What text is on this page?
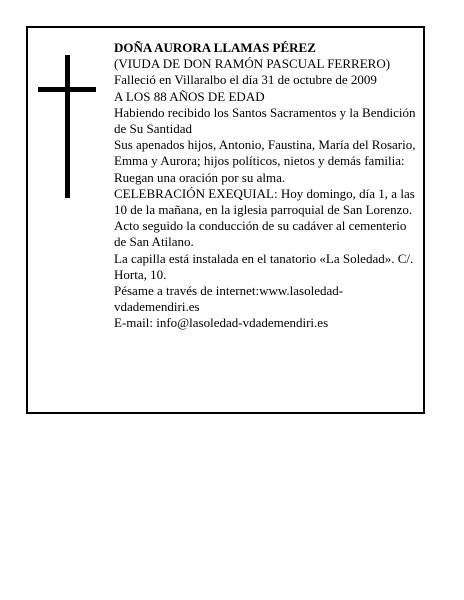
DOÑA AURORA LLAMAS PÉREZ

(VIUDA DE DON RAMÓN PASCUAL FERRERO)

Falleció en Villaralbo el día 31 de octubre de 2009

A LOS 88 AÑOS DE EDAD

Habiendo recibido los Santos Sacramentos y la Bendición de Su Santidad

Sus apenados hijos, Antonio, Faustina, María del Rosario, Emma y Aurora; hijos políticos, nietos y demás familia:

Ruegan una oración por su alma.

CELEBRACIÓN EXEQUIAL: Hoy domingo, día 1, a las 10 de la mañana, en la iglesia parroquial de San Lorenzo. Acto seguido la conducción de su cadáver al cementerio de San Atilano.

La capilla está instalada en el tanatorio «La Soledad». C/. Horta, 10.

Pésame a través de internet:www.lasoledad-vdademendiri.es

E-mail: info@lasoledad-vdademendiri.es
